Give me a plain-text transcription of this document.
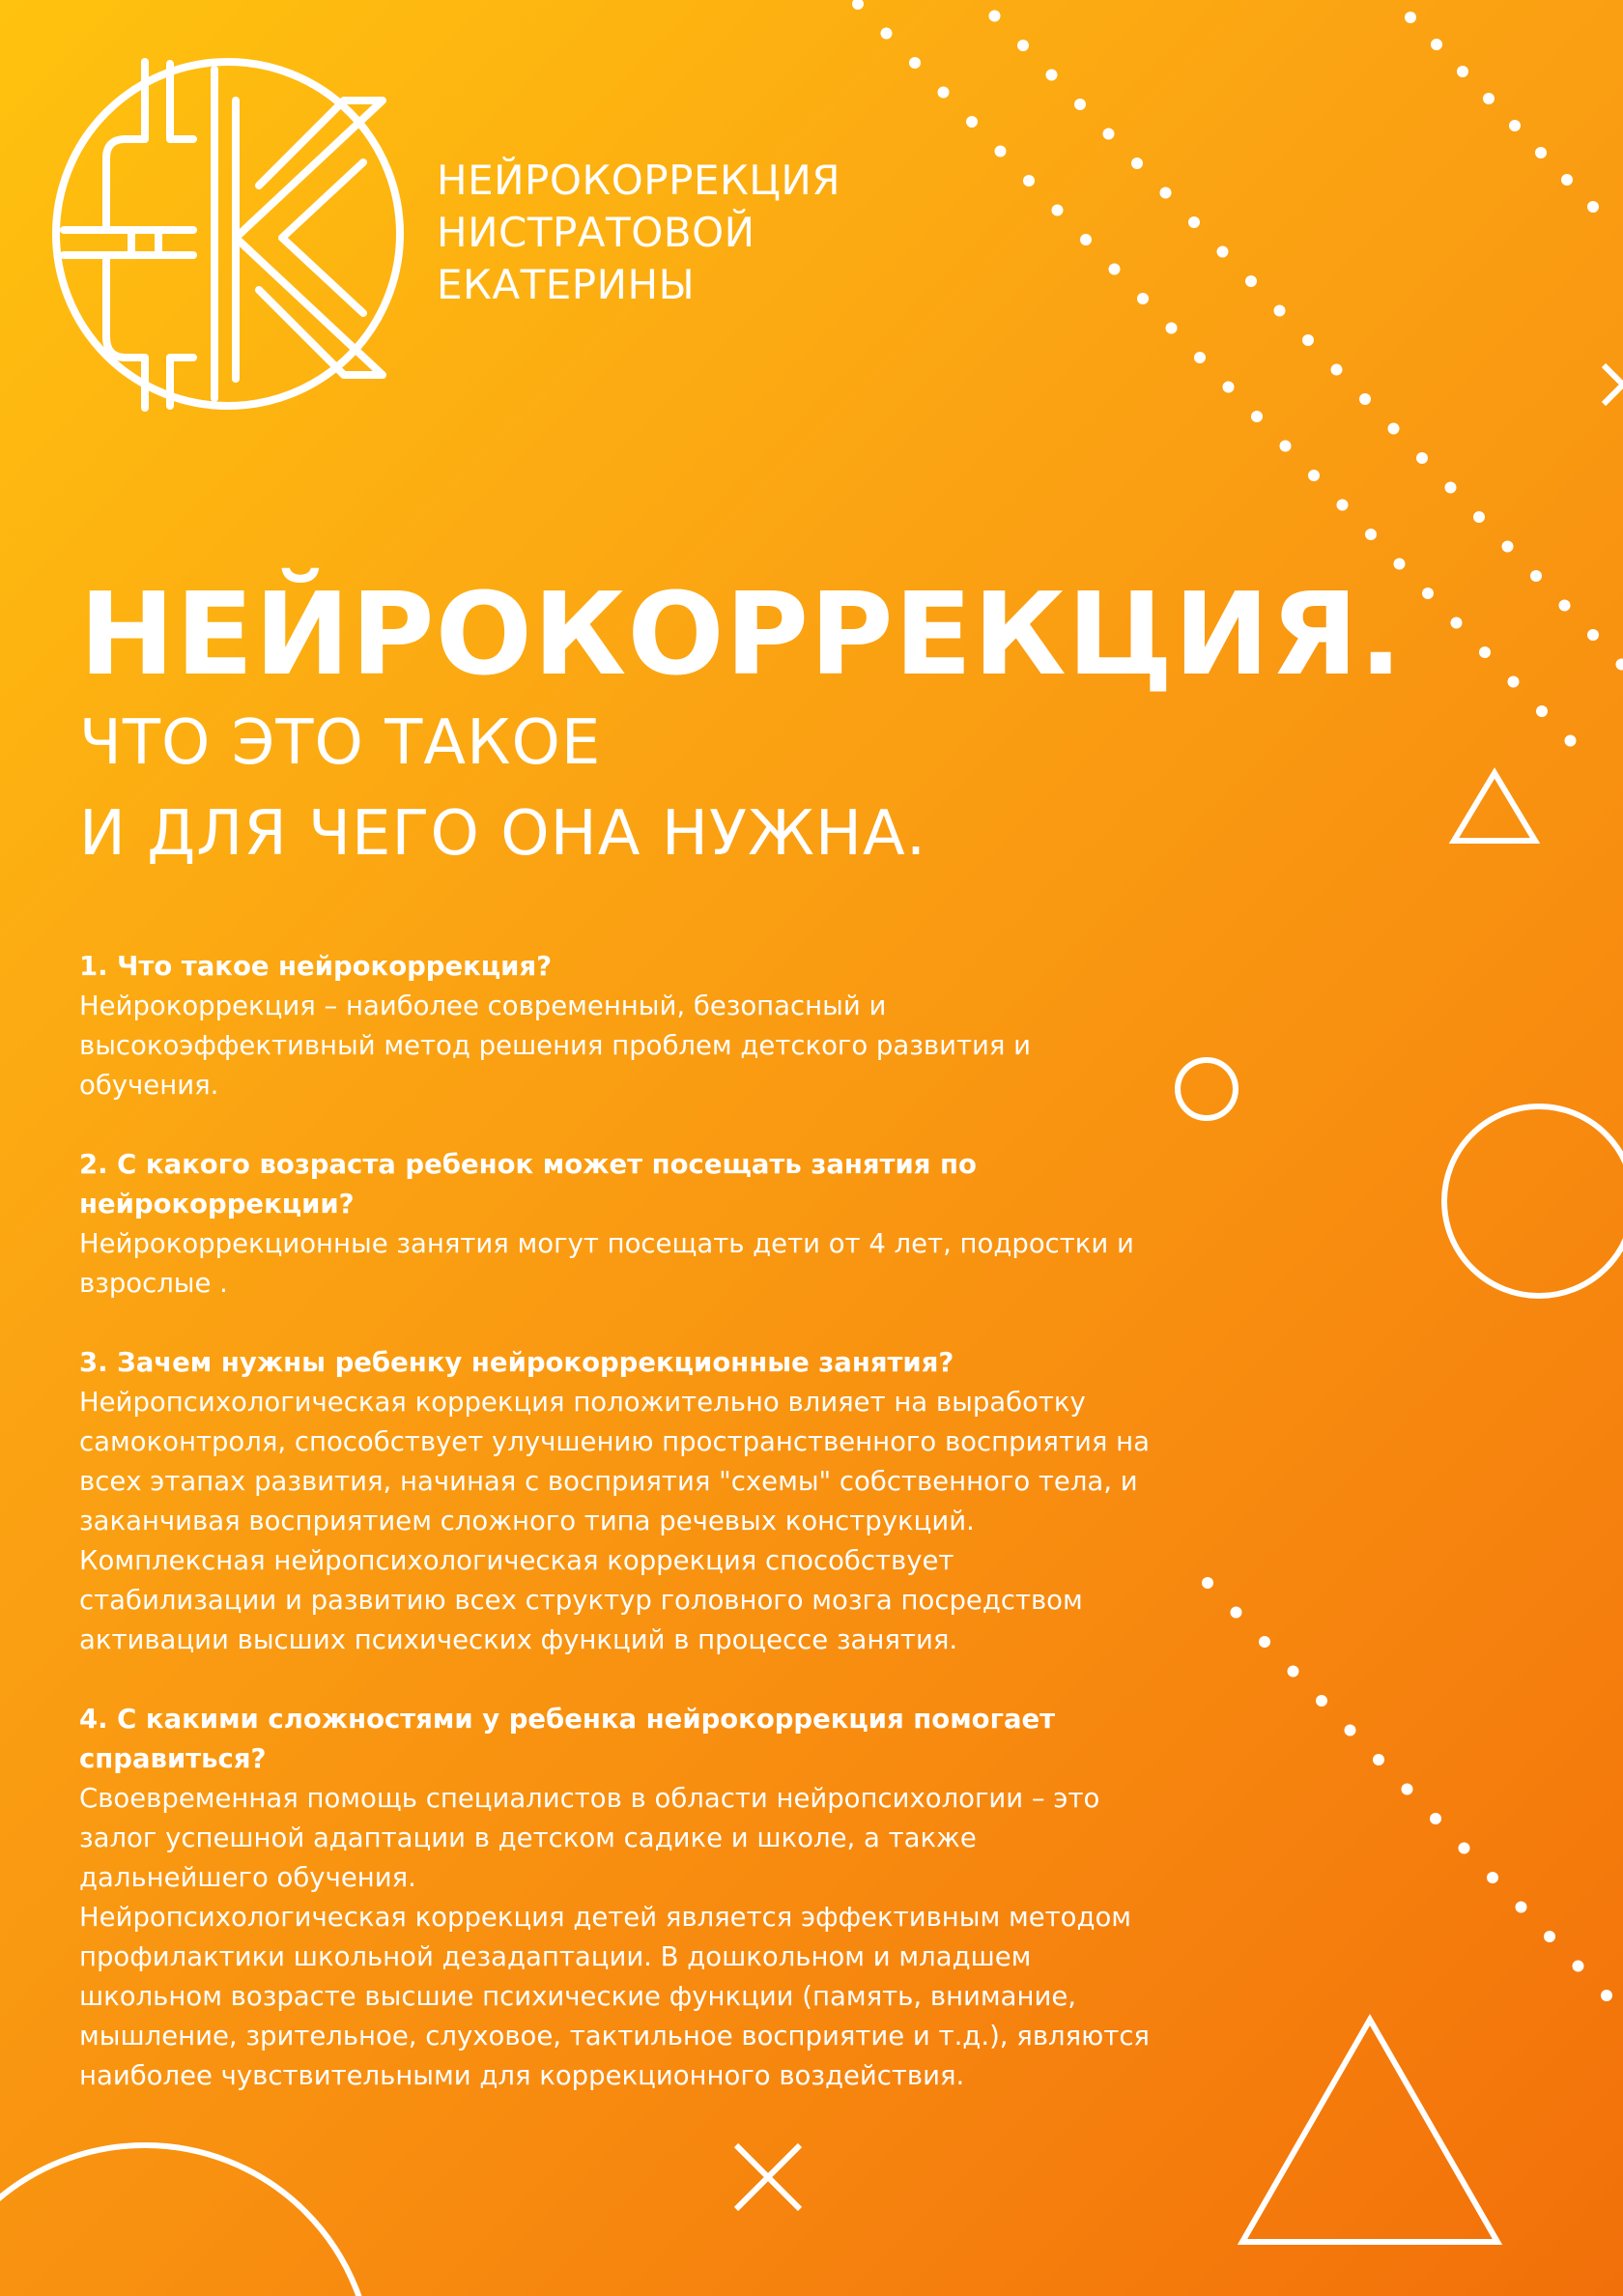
НЕЙРОКОРРЕКЦИЯ
НИСТРАТОВОЙ
ЕКАТЕРИНЫ
НЕЙРОКОРРЕКЦИЯ.
ЧТО ЭТО ТАКОЕ
И ДЛЯ ЧЕГО ОНА НУЖНА.
1. Что такое нейрокоррекция?
Нейрокоррекция – наиболее современный, безопасный и
высокоэффективный метод решения проблем детского развития и
обучения.
2. С какого возраста ребенок может посещать занятия по
нейрокоррекции?
Нейрокоррекционные занятия могут посещать дети от 4 лет, подростки и
взрослые .
3. Зачем нужны ребенку нейрокоррекционные занятия?
Нейропсихологическая коррекция положительно влияет на выработку
самоконтроля, способствует улучшению пространственного восприятия на
всех этапах развития, начиная с восприятия "схемы" собственного тела, и
заканчивая восприятием сложного типа речевых конструкций.
Комплексная нейропсихологическая коррекция способствует
стабилизации и развитию всех структур головного мозга посредством
активации высших психических функций в процессе занятия.
4. С какими сложностями у ребенка нейрокоррекция помогает
справиться?
Своевременная помощь специалистов в области нейропсихологии – это
залог успешной адаптации в детском садике и школе, а также
дальнейшего обучения.
Нейропсихологическая коррекция детей является эффективным методом
профилактики школьной дезадаптации. В дошкольном и младшем
школьном возрасте высшие психические функции (память, внимание,
мышление, зрительное, слуховое, тактильное восприятие и т.д.), являются
наиболее чувствительными для коррекционного воздействия.
